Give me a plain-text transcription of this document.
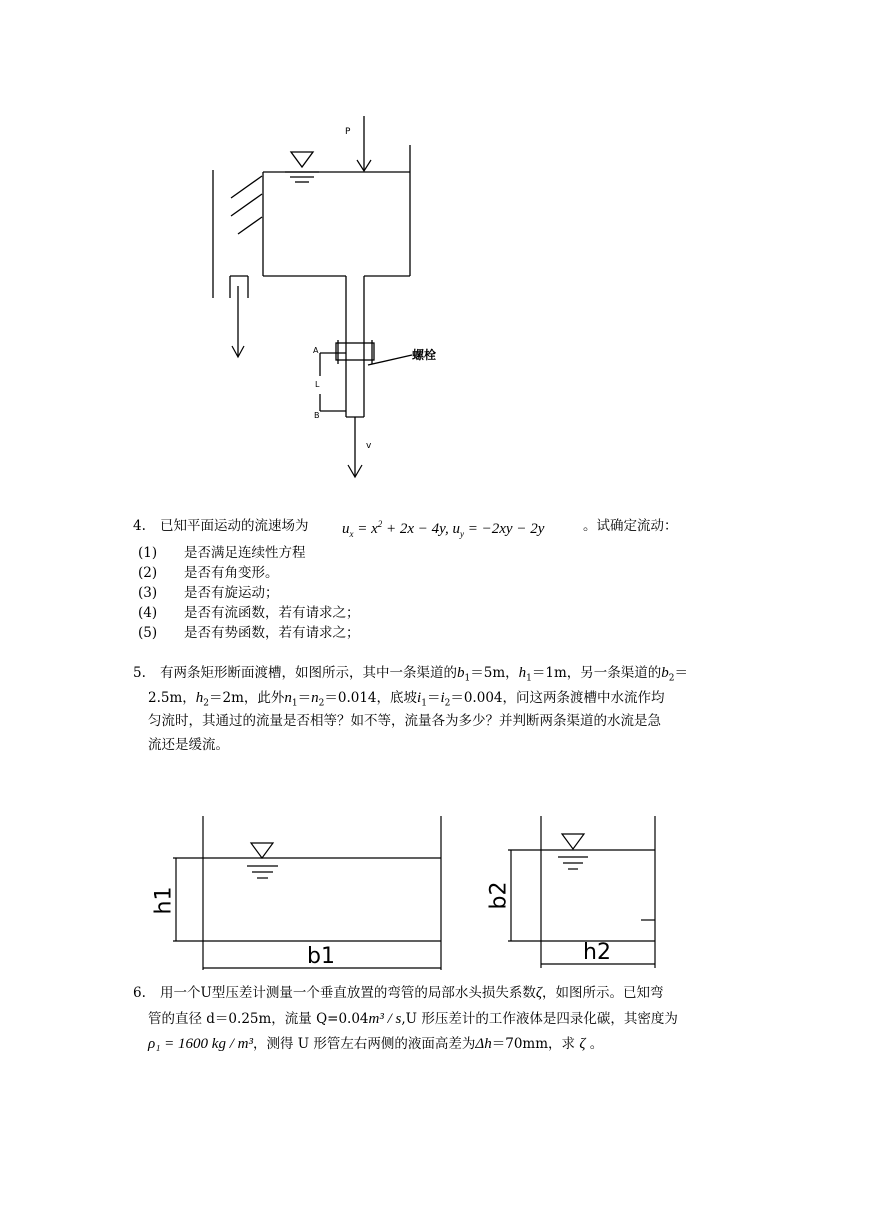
P
A
L
B
v
螺栓
4. 已知平面运动的流速场为 $u_x = x^2 + 2x - 4y$, $u_y = -2xy - 2y$	。试确定流动：
(1) 是否满足连续性方程
(2) 是否有角变形。
(3) 是否有旋运动；
(4) 是否有流函数，若有请求之；
(5) 是否有势函数，若有请求之；
5. 有两条矩形断面渡槽，如图所示，其中一条渠道的$b_1=5m$，$h_1=1m$，另一条渠道的$b_2=$
2.5m，$h_2=2m$，此外$n_1=n_2=0.014$，底坡$i_1=i_2=0.004$，问这两条渡槽中水流作均
匀流时，其通过的流量是否相等？如不等，流量各为多少？并判断两条渠道的水流是急
流还是缓流。
h1
b1
b2
h2
6. 用一个U型压差计测量一个垂直放置的弯管的局部水头损失系数ζ，如图所示。已知弯
管的直径 d＝0.25m，流量 Q=0.04m³ / s,U 形压差计的工作液体是四录化碳，其密度为
ρ₁ = 1600 kg / m³，测得 U 形管左右两侧的液面高差为Δh＝70mm，求 ζ 。
